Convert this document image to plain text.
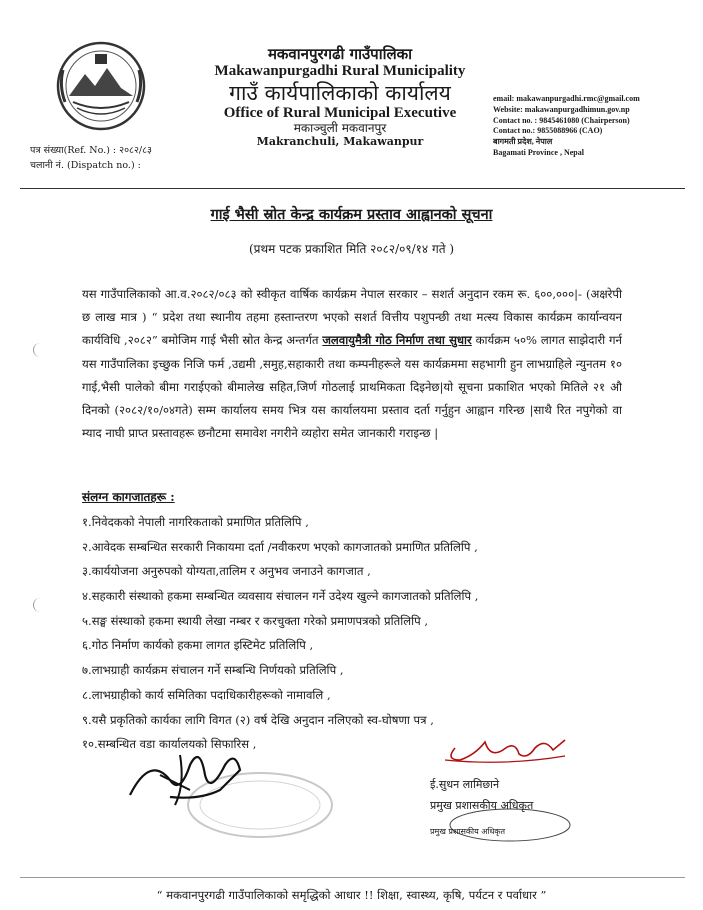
मकवानपुरगढी गाउँपालिका
Makawanpurgadhi Rural Municipality
गाउँ कार्यपालिकाको कार्यालय
Office of Rural Municipal Executive
मकाञ्चुली मकवानपुर
Makranchuli, Makawanpur
email: makawanpurgadhi.rmc@gmail.com
Website: makawanpurgadhimun.gov.np
Contact no. : 9845461080 (Chairperson)
Contact no.: 9855088966 (CAO)
बागमती प्रदेश, नेपाल
Bagamati Province , Nepal
पत्र संख्या(Ref. No.) : २०८२/८३
चलानी नं. (Dispatch no.) :
गाई भैसी स्रोत केन्द्र कार्यक्रम प्रस्ताव आह्वानको सूचना
(प्रथम पटक प्रकाशित मिति २०८२/०९/१४ गते )
यस गाउँपालिकाको आ.व.२०८२/०८३ को स्वीकृत वार्षिक कार्यक्रम नेपाल सरकार – सशर्त अनुदान रकम रू. ६००,०००|- (अक्षरेपी छ लाख मात्र ) “ प्रदेश तथा स्थानीय तहमा हस्तान्तरण भएको सशर्त वित्तीय पशुपन्छी तथा मत्स्य विकास कार्यक्रम कार्यान्वयन कार्यविधि ,२०८२” बमोजिम गाई भैसी स्रोत केन्द्र अन्तर्गत जलवायुमैत्री गोठ निर्माण तथा सुधार कार्यक्रम ५०% लागत साझेदारी गर्न यस गाउँपालिका इच्छुक निजि फर्म ,उद्यमी ,समुह,सहाकारी तथा कम्पनीहरूले यस कार्यक्रममा सहभागी हुन लाभग्राहिले न्युनतम १० गाई,भैसी पालेको बीमा गराईएको बीमालेख सहित,जिर्ण गोठलाई प्राथमिकता दिइनेछ|यो सूचना प्रकाशित भएको मितिले २१ औ दिनको (२०८२/१०/०४गते) सम्म कार्यालय समय भित्र यस कार्यालयमा प्रस्ताव दर्ता गर्नुहुन आह्वान गरिन्छ |साथै रित नपुगेको वा म्याद नाघी प्राप्त प्रस्तावहरू छनौटमा समावेश नगरीने व्यहोरा समेत जानकारी गराइन्छ |
संलग्न कागजातहरू :
१.निवेदकको नेपाली नागरिकताको प्रमाणित प्रतिलिपि ,
२.आवेदक सम्बन्धित सरकारी निकायमा दर्ता /नवीकरण भएको कागजातको प्रमाणित प्रतिलिपि ,
३.कार्ययोजना अनुरुपको योग्यता,तालिम र अनुभव जनाउने कागजात ,
४.सहकारी संस्थाको हकमा सम्बन्धित व्यवसाय संचालन गर्ने उदेश्य खुल्ने कागजातको प्रतिलिपि ,
५.सङ्घ संस्थाको हकमा स्थायी लेखा नम्बर र करचुक्ता गरेको प्रमाणपत्रको प्रतिलिपि ,
६.गोठ निर्माण कार्यको हकमा लागत इस्टिमेट प्रतिलिपि ,
७.लाभग्राही कार्यक्रम संचालन गर्ने सम्बन्धि निर्णयको प्रतिलिपि ,
८.लाभग्राहीको कार्य समितिका पदाधिकारीहरूको नामावलि ,
९.यसै प्रकृतिको कार्यका लागि विगत (२) वर्ष देखि अनुदान नलिएको स्व-घोषणा पत्र ,
१०.सम्बन्धित वडा कार्यालयको सिफारिस ,
ई.सुधन लामिछाने
प्रमुख प्रशासकीय अधिकृत
प्रमुख प्रशासकीय अधिकृत
“ मकवानपुरगढी गाउँपालिकाको समृद्धिको आधार !! शिक्षा, स्वास्थ्य, कृषि, पर्यटन र पर्वाधार ”
